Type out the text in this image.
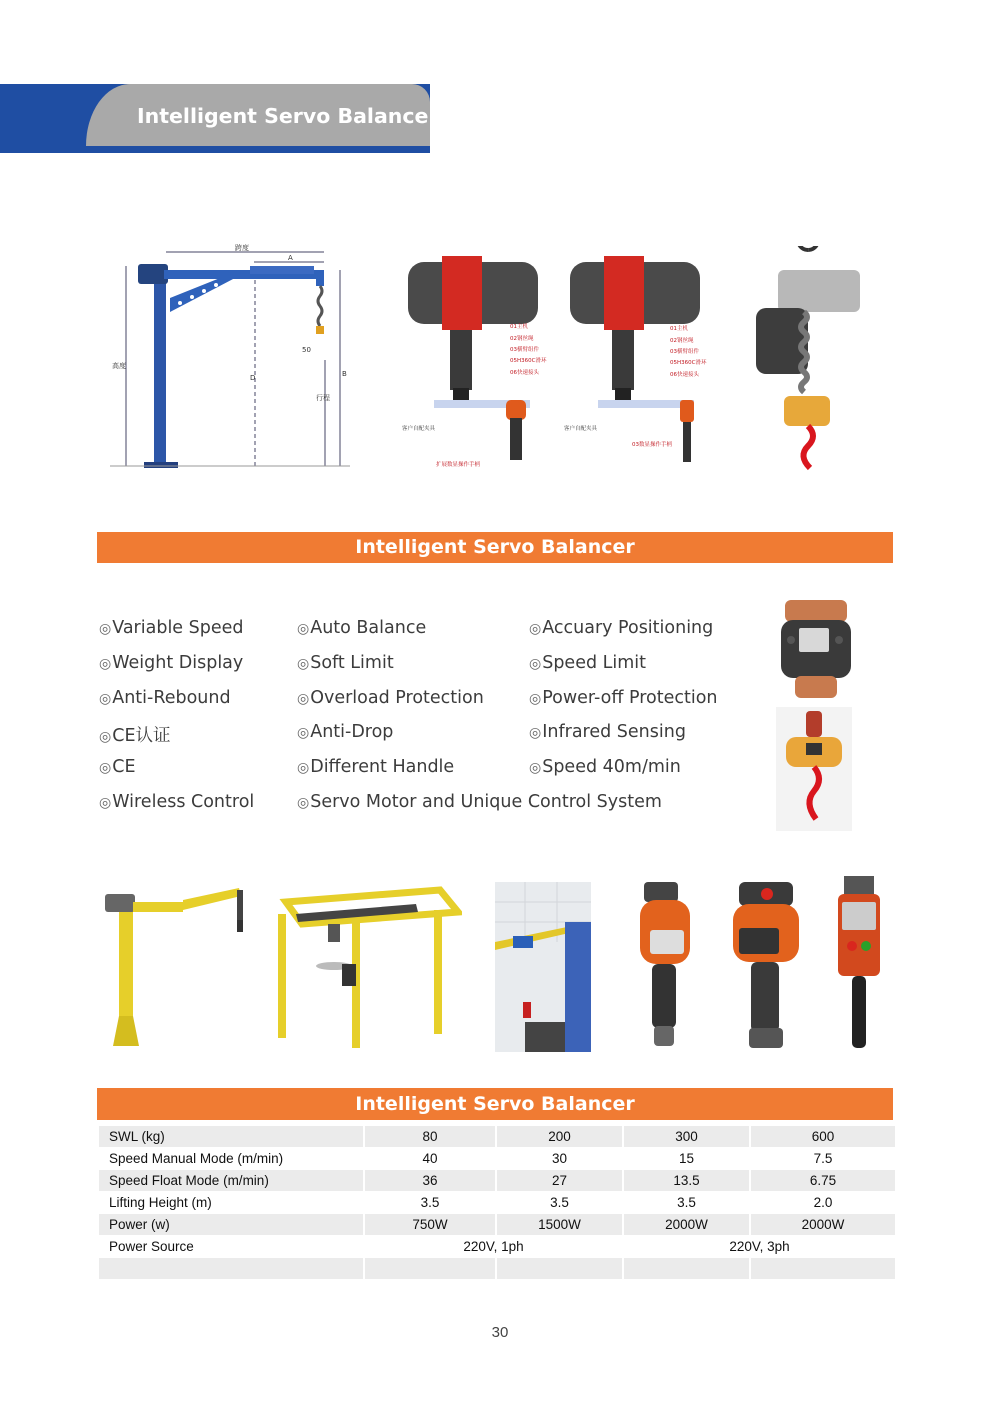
Intelligent Servo Balancer
跨度
A
高度
B
行程
50
D
01主机
02钢丝绳
03横臂组件
05H360C滑环
06快速接头
客户自配夹具
扩展数显操作手柄
01主机
02钢丝绳
03横臂组件
05H360C滑环
06快速接头
客户自配夹具
03数显操作手柄
Intelligent Servo Balancer
◎Variable Speed
◎Weight Display
◎Anti-Rebound
◎CE认证
◎CE
◎Wireless Control
◎Auto Balance
◎Soft Limit
◎Overload Protection
◎Anti-Drop
◎Different Handle
◎Servo Motor and Unique Control System
◎Accuary Positioning
◎Speed Limit
◎Power-off Protection
◎Infrared Sensing
◎Speed 40m/min
Intelligent Servo Balancer
SWL (kg)	80	200	300	600
Speed Manual Mode (m/min)	40	30	15	7.5
Speed Float Mode (m/min)	36	27	13.5	6.75
Lifting Height (m)	3.5	3.5	3.5	2.0
Power (w)	750W	1500W	2000W	2000W
Power Source	220V, 1ph		220V, 3ph	

30
